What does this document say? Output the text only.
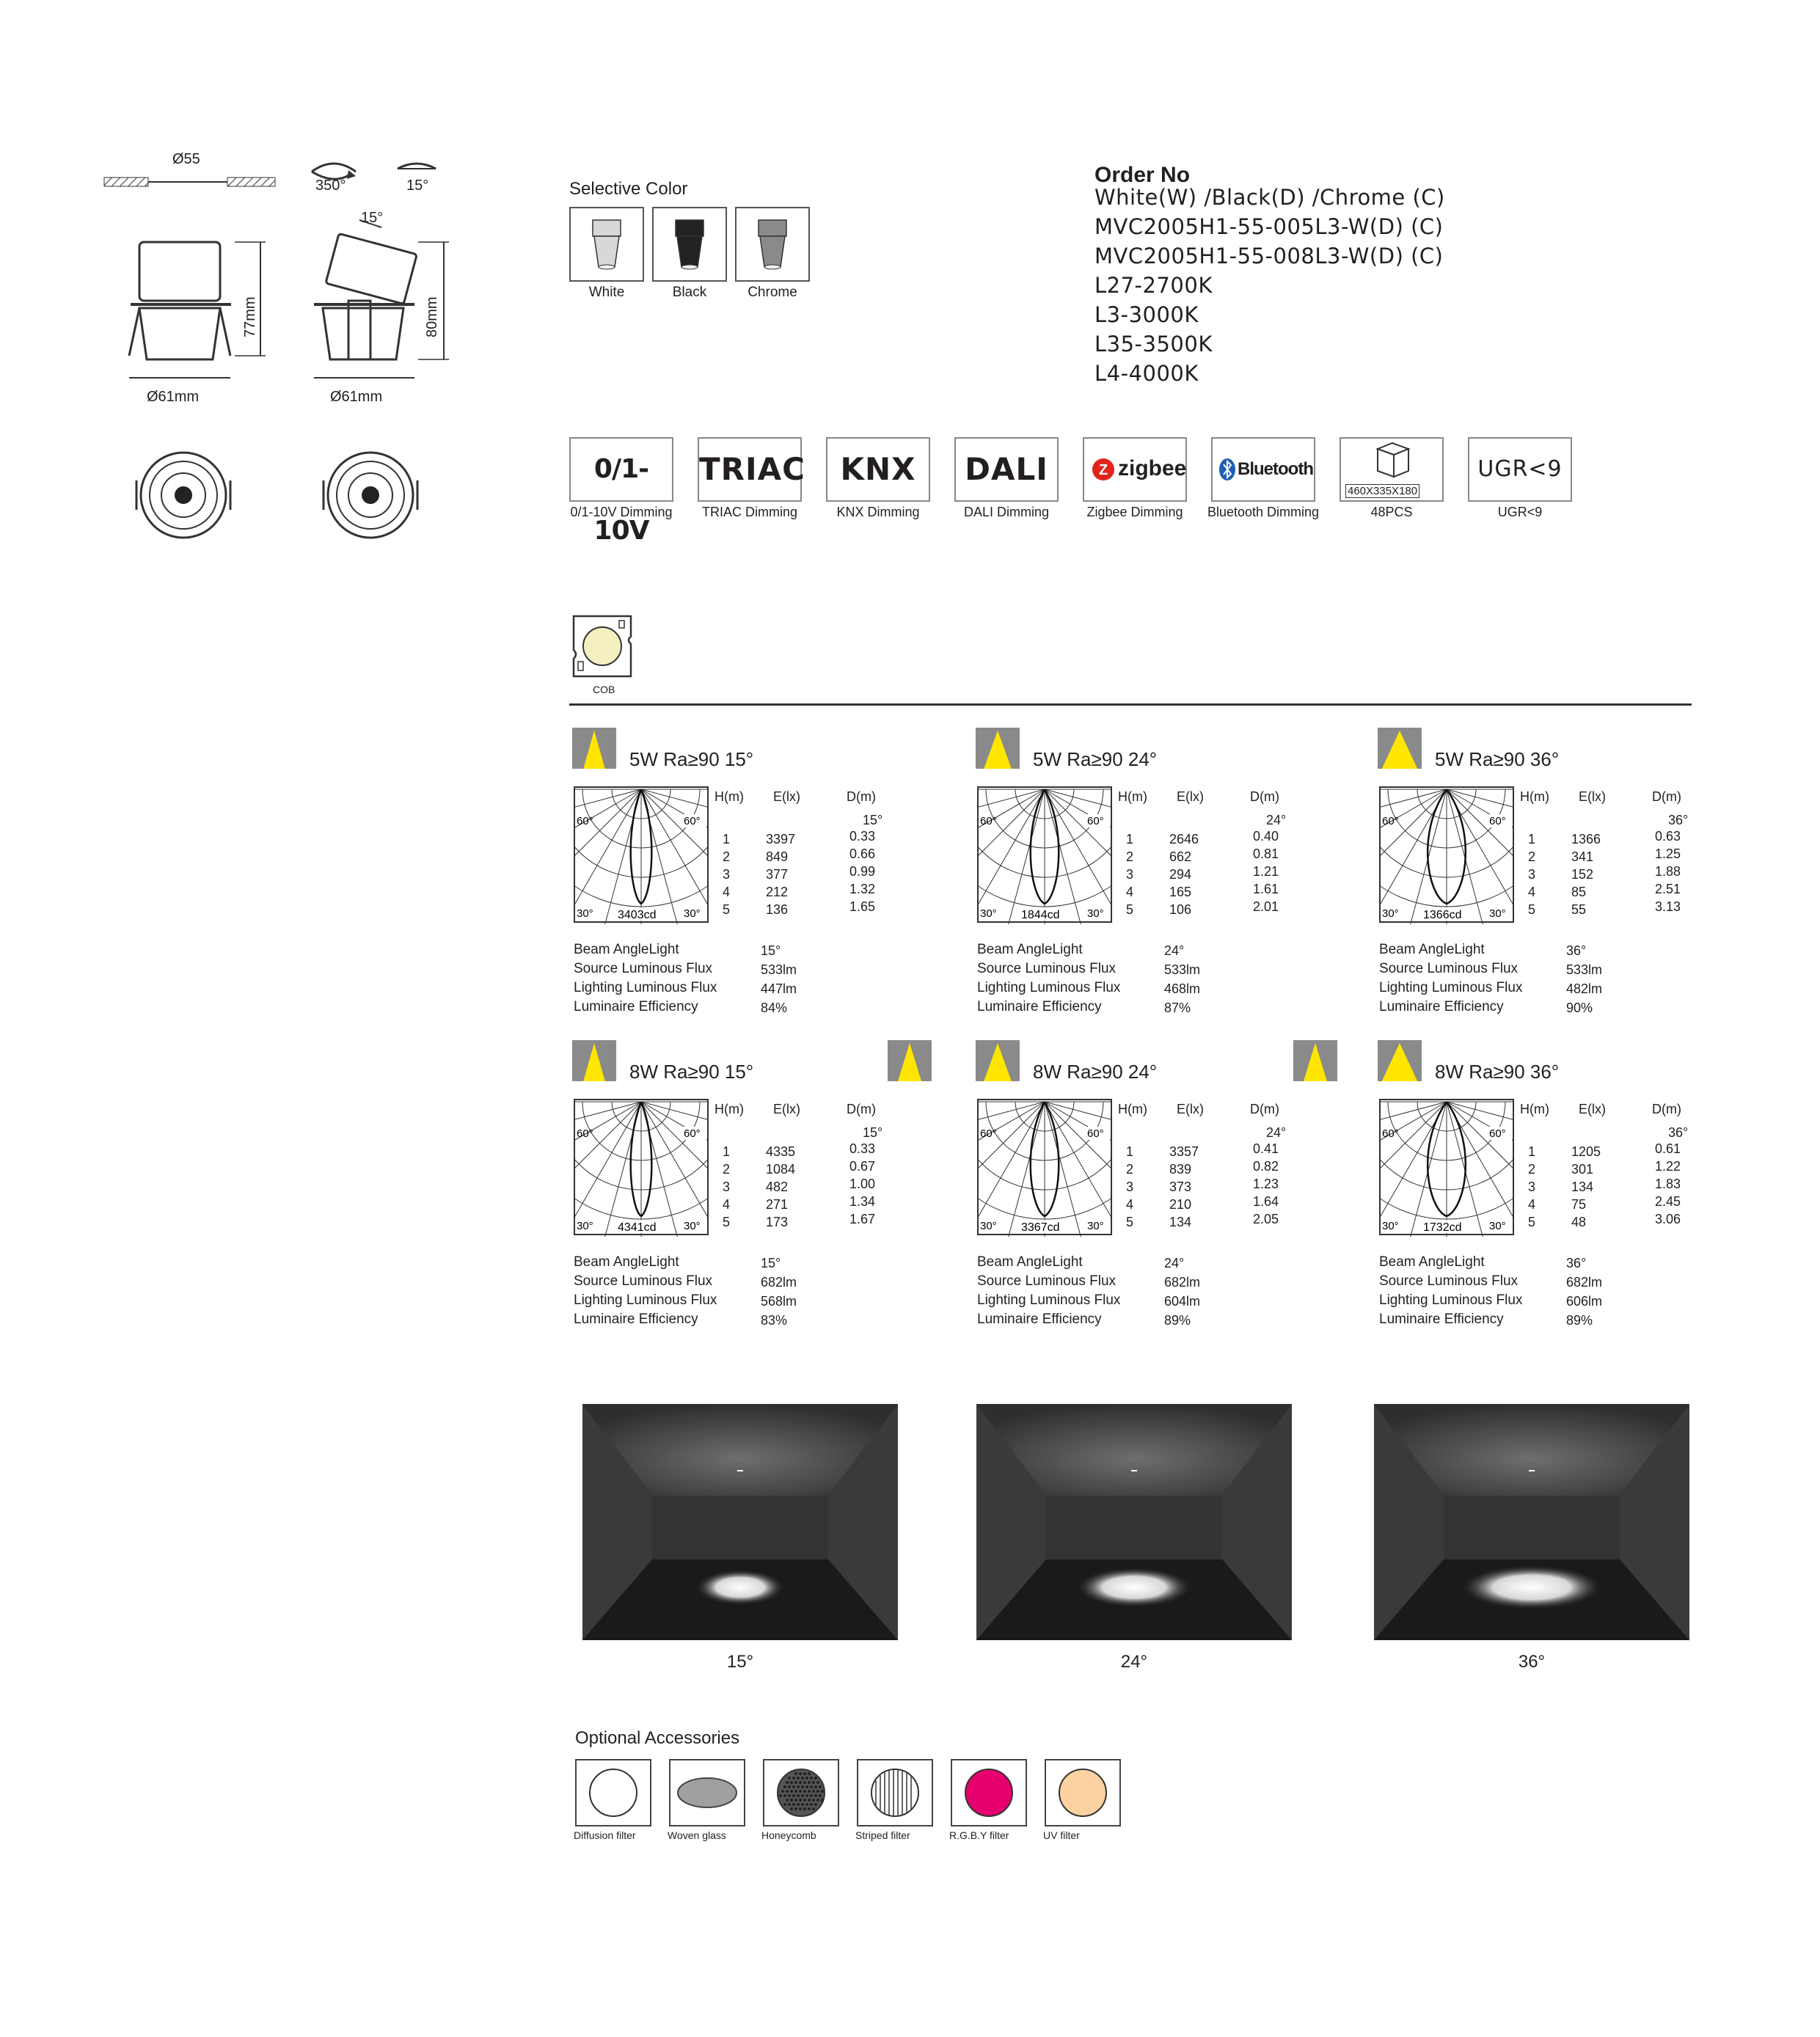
Ø55
350°	15°
77mm
Ø61mm
15°
80mm
Ø61mm
Selective Color
White	Black	Chrome
Order No
White(W) /Black(D) /Chrome (C)
MVC2005H1-55-005L3-W(D) (C)
MVC2005H1-55-008L3-W(D) (C)
L27-2700K
L3-3000K
L35-3500K
L4-4000K
0/1-10V
0/1-10V Dimming
TRIAC
TRIAC Dimming
KNX
KNX Dimming
DALI
DALI Dimming
Z zigbee
Zigbee Dimming
Bluetooth
Bluetooth Dimming
460X335X180
48PCS
UGR<9
UGR<9
COB
5W Ra≥90 15°
60°	60°
30°	30°
3403cd
H(m) E(lx)	D(m)
15°
1	3397	0.33
2	849	0.66
3	377	0.99
4	212	1.32
5	136	1.65
Beam AngleLight	15°
Source Luminous Flux	533lm
Lighting Luminous Flux	447lm
Luminaire Efficiency	84%
5W Ra≥90 24°
60°	60°
30°	30°
1844cd
H(m) E(lx)	D(m)
24°
1	2646	0.40
2	662	0.81
3	294	1.21
4	165	1.61
5	106	2.01
Beam AngleLight	24°
Source Luminous Flux	533lm
Lighting Luminous Flux	468lm
Luminaire Efficiency	87%
5W Ra≥90 36°
60°	60°
30°	30°
1366cd
H(m) E(lx)	D(m)
36°
1	1366	0.63
2	341	1.25
3	152	1.88
4	85	2.51
5	55	3.13
Beam AngleLight	36°
Source Luminous Flux	533lm
Lighting Luminous Flux	482lm
Luminaire Efficiency	90%
8W Ra≥90 15°
60°	60°
30°	30°
4341cd
H(m) E(lx)	D(m)
15°
1	4335	0.33
2	1084	0.67
3	482	1.00
4	271	1.34
5	173	1.67
Beam AngleLight	15°
Source Luminous Flux	682lm
Lighting Luminous Flux	568lm
Luminaire Efficiency	83%
8W Ra≥90 24°
60°	60°
30°	30°
3367cd
H(m) E(lx)	D(m)
24°
1	3357	0.41
2	839	0.82
3	373	1.23
4	210	1.64
5	134	2.05
Beam AngleLight	24°
Source Luminous Flux	682lm
Lighting Luminous Flux	604lm
Luminaire Efficiency	89%
8W Ra≥90 36°
60°	60°
30°	30°
1732cd
H(m) E(lx)	D(m)
36°
1	1205	0.61
2	301	1.22
3	134	1.83
4	75	2.45
5	48	3.06
Beam AngleLight	36°
Source Luminous Flux	682lm
Lighting Luminous Flux	606lm
Luminaire Efficiency	89%
15°	24°	36°
Optional Accessories
Diffusion filter	Woven glass	Honeycomb	Striped filter	R.G.B.Y filter	UV filter
